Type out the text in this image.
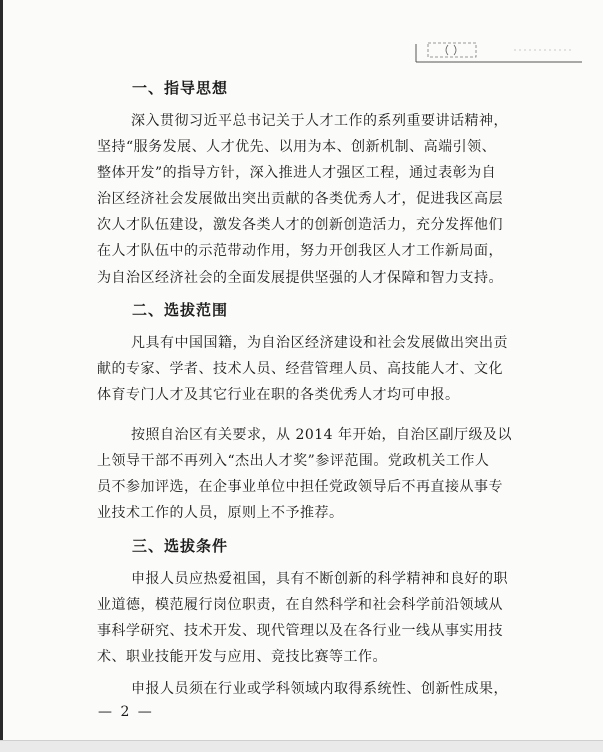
一、指导思想
深入贯彻习近平总书记关于人才工作的系列重要讲话精神，
坚持“服务发展、人才优先、以用为本、创新机制、高端引领、
整体开发”的指导方针，深入推进人才强区工程，通过表彰为自
治区经济社会发展做出突出贡献的各类优秀人才，促进我区高层
次人才队伍建设，激发各类人才的创新创造活力，充分发挥他们
在人才队伍中的示范带动作用，努力开创我区人才工作新局面，
为自治区经济社会的全面发展提供坚强的人才保障和智力支持。
二、选拔范围
凡具有中国国籍，为自治区经济建设和社会发展做出突出贡
献的专家、学者、技术人员、经营管理人员、高技能人才、文化
体育专门人才及其它行业在职的各类优秀人才均可申报。
按照自治区有关要求，从 2014 年开始，自治区副厅级及以
上领导干部不再列入“杰出人才奖”参评范围。党政机关工作人
员不参加评选，在企事业单位中担任党政领导后不再直接从事专
业技术工作的人员，原则上不予推荐。
三、选拔条件
申报人员应热爱祖国，具有不断创新的科学精神和良好的职
业道德，模范履行岗位职责，在自然科学和社会科学前沿领域从
事科学研究、技术开发、现代管理以及在各行业一线从事实用技
术、职业技能开发与应用、竞技比赛等工作。
申报人员须在行业或学科领域内取得系统性、创新性成果，
— 2 —
